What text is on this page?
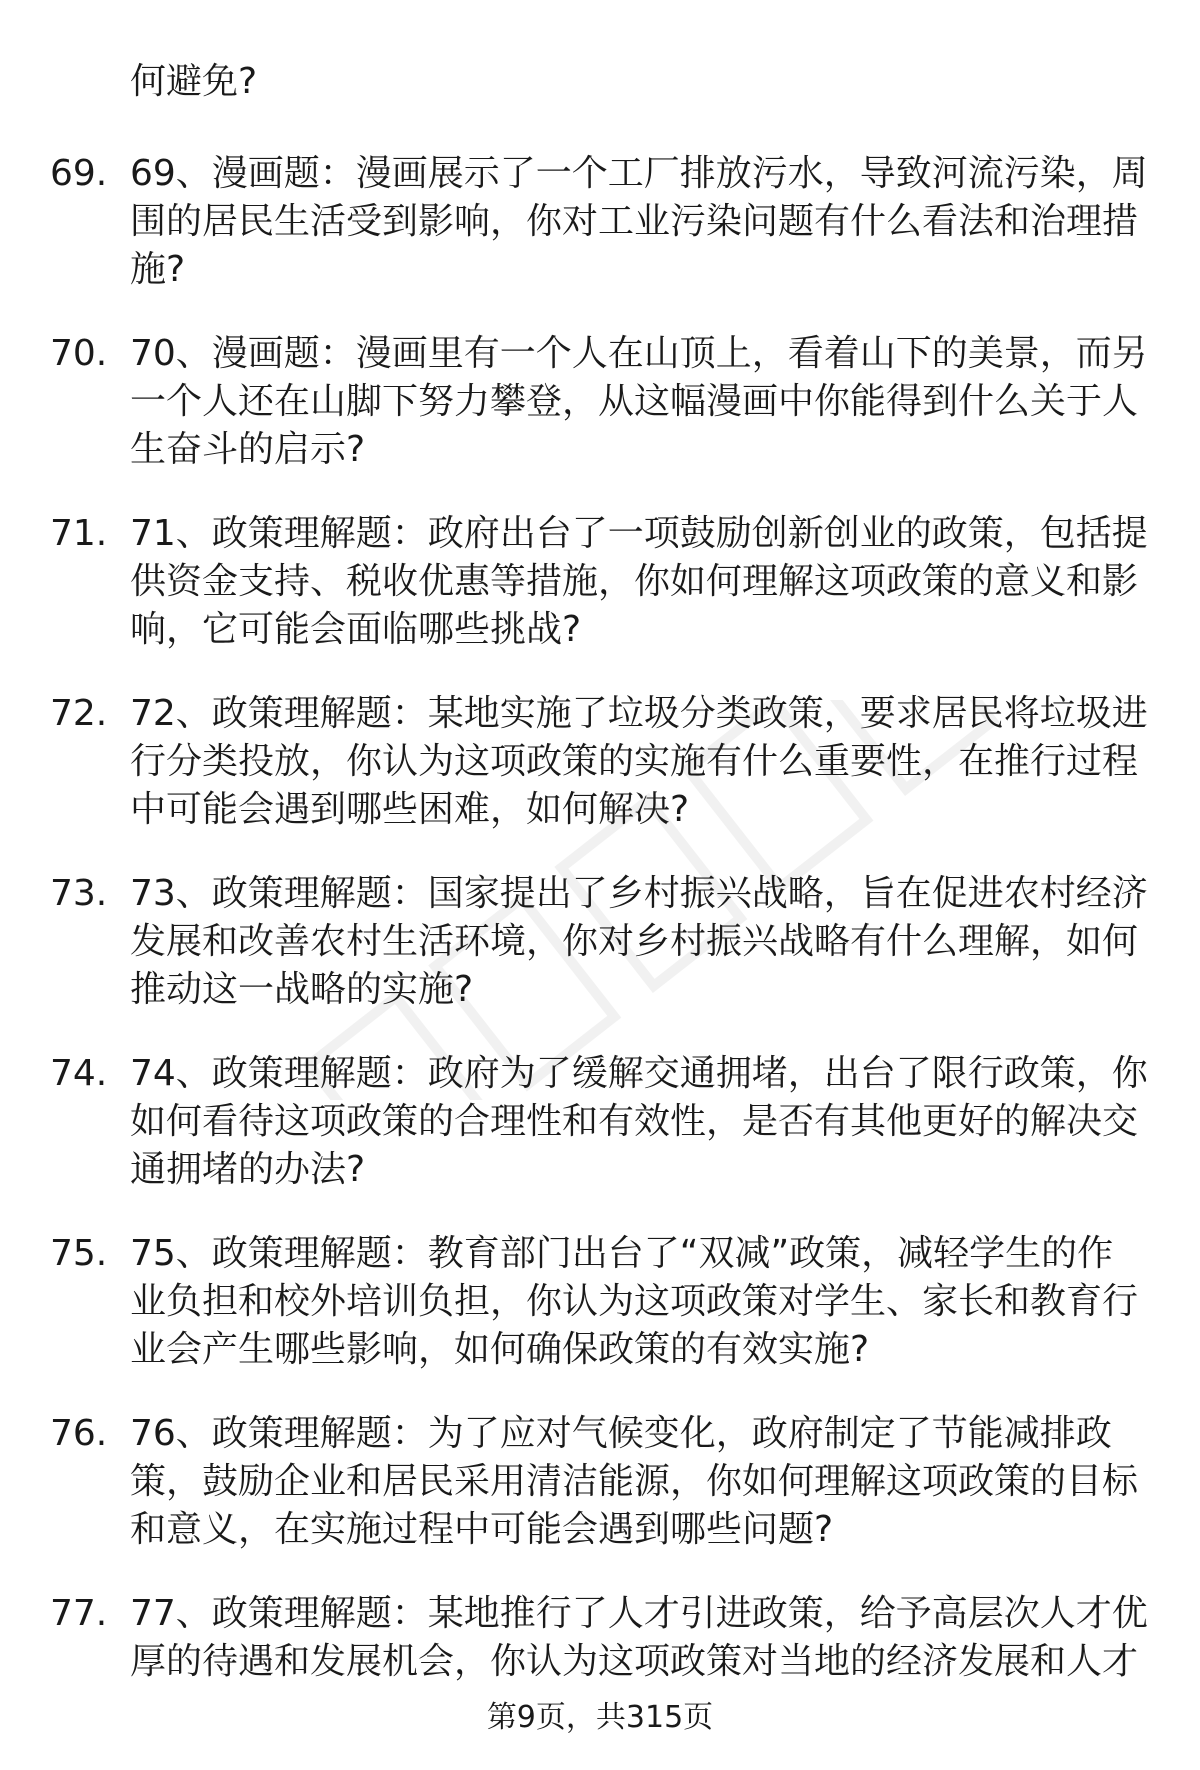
何避免?
69. 69、漫画题：漫画展示了一个工厂排放污水，导致河流污染，周
围的居民生活受到影响，你对工业污染问题有什么看法和治理措
施?
70. 70、漫画题：漫画里有一个人在山顶上，看着山下的美景，而另
一个人还在山脚下努力攀登，从这幅漫画中你能得到什么关于人
生奋斗的启示?
71. 71、政策理解题：政府出台了一项鼓励创新创业的政策，包括提
供资金支持、税收优惠等措施，你如何理解这项政策的意义和影
响，它可能会面临哪些挑战?
72. 72、政策理解题：某地实施了垃圾分类政策，要求居民将垃圾进
行分类投放，你认为这项政策的实施有什么重要性，在推行过程
中可能会遇到哪些困难，如何解决?
73. 73、政策理解题：国家提出了乡村振兴战略，旨在促进农村经济
发展和改善农村生活环境，你对乡村振兴战略有什么理解，如何
推动这一战略的实施?
74. 74、政策理解题：政府为了缓解交通拥堵，出台了限行政策，你
如何看待这项政策的合理性和有效性，是否有其他更好的解决交
通拥堵的办法?
75. 75、政策理解题：教育部门出台了“双减”政策，减轻学生的作
业负担和校外培训负担，你认为这项政策对学生、家长和教育行
业会产生哪些影响，如何确保政策的有效实施?
76. 76、政策理解题：为了应对气候变化，政府制定了节能减排政
策，鼓励企业和居民采用清洁能源，你如何理解这项政策的目标
和意义，在实施过程中可能会遇到哪些问题?
77. 77、政策理解题：某地推行了人才引进政策，给予高层次人才优
厚的待遇和发展机会，你认为这项政策对当地的经济发展和人才
第9页，共315页
